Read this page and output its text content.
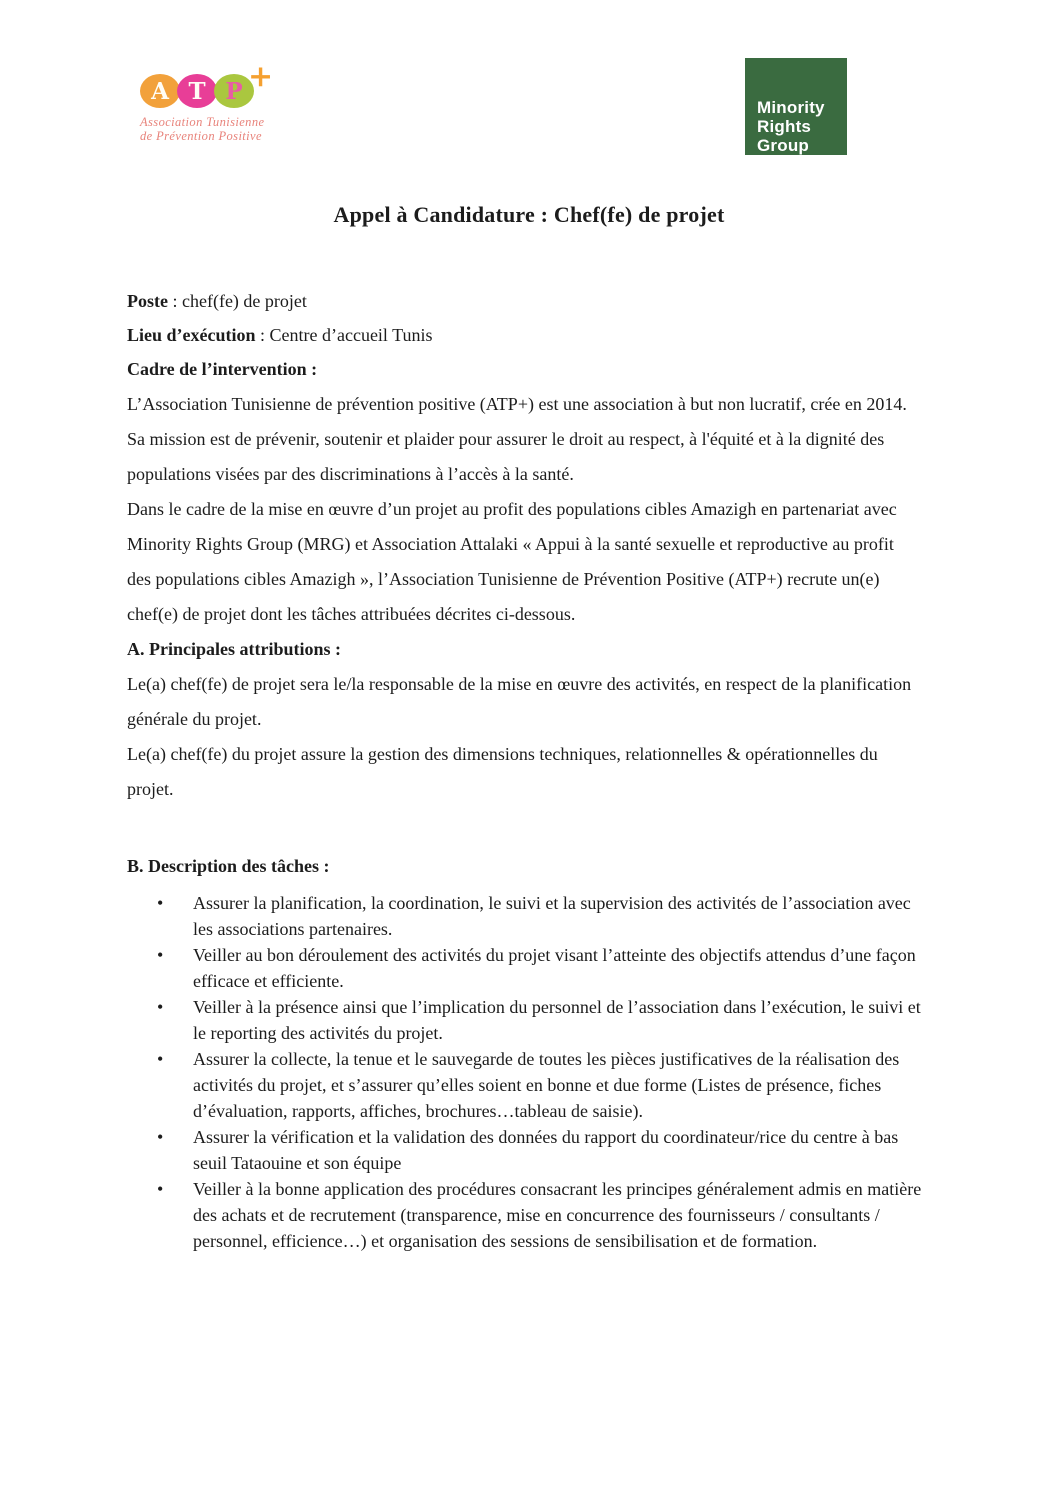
A T P +
Association Tunisienne
de Prévention Positive
Minority
Rights
Group
Appel à Candidature : Chef(fe) de projet
Poste : chef(fe) de projet
Lieu d’exécution : Centre d’accueil Tunis
Cadre de l’intervention :

L’Association Tunisienne de prévention positive (ATP+) est une association à but non lucratif, crée en 2014. Sa mission est de prévenir, soutenir et plaider pour assurer le droit au respect, à l'équité et à la dignité des populations visées par des discriminations à l’accès à la santé.

Dans le cadre de la mise en œuvre d’un projet au profit des populations cibles Amazigh en partenariat avec Minority Rights Group (MRG) et Association Attalaki « Appui à la santé sexuelle et reproductive au profit des populations cibles Amazigh », l’Association Tunisienne de Prévention Positive (ATP+) recrute un(e) chef(e) de projet dont les tâches attribuées décrites ci-dessous.

A. Principales attributions :

Le(a) chef(fe) de projet sera le/la responsable de la mise en œuvre des activités, en respect de la planification générale du projet.

Le(a) chef(fe) du projet assure la gestion des dimensions techniques, relationnelles & opérationnelles du projet.

B. Description des tâches :
• Assurer la planification, la coordination, le suivi et la supervision des activités de l’association avec les associations partenaires.
• Veiller au bon déroulement des activités du projet visant l’atteinte des objectifs attendus d’une façon efficace et efficiente.
• Veiller à la présence ainsi que l’implication du personnel de l’association dans l’exécution, le suivi et le reporting des activités du projet.
• Assurer la collecte, la tenue et le sauvegarde de toutes les pièces justificatives de la réalisation des activités du projet, et s’assurer qu’elles soient en bonne et due forme (Listes de présence, fiches d’évaluation, rapports, affiches, brochures…tableau de saisie).
• Assurer la vérification et la validation des données du rapport du coordinateur/rice du centre à bas seuil Tataouine et son équipe
• Veiller à la bonne application des procédures consacrant les principes généralement admis en matière des achats et de recrutement (transparence, mise en concurrence des fournisseurs / consultants / personnel, efficience…) et organisation des sessions de sensibilisation et de formation.
